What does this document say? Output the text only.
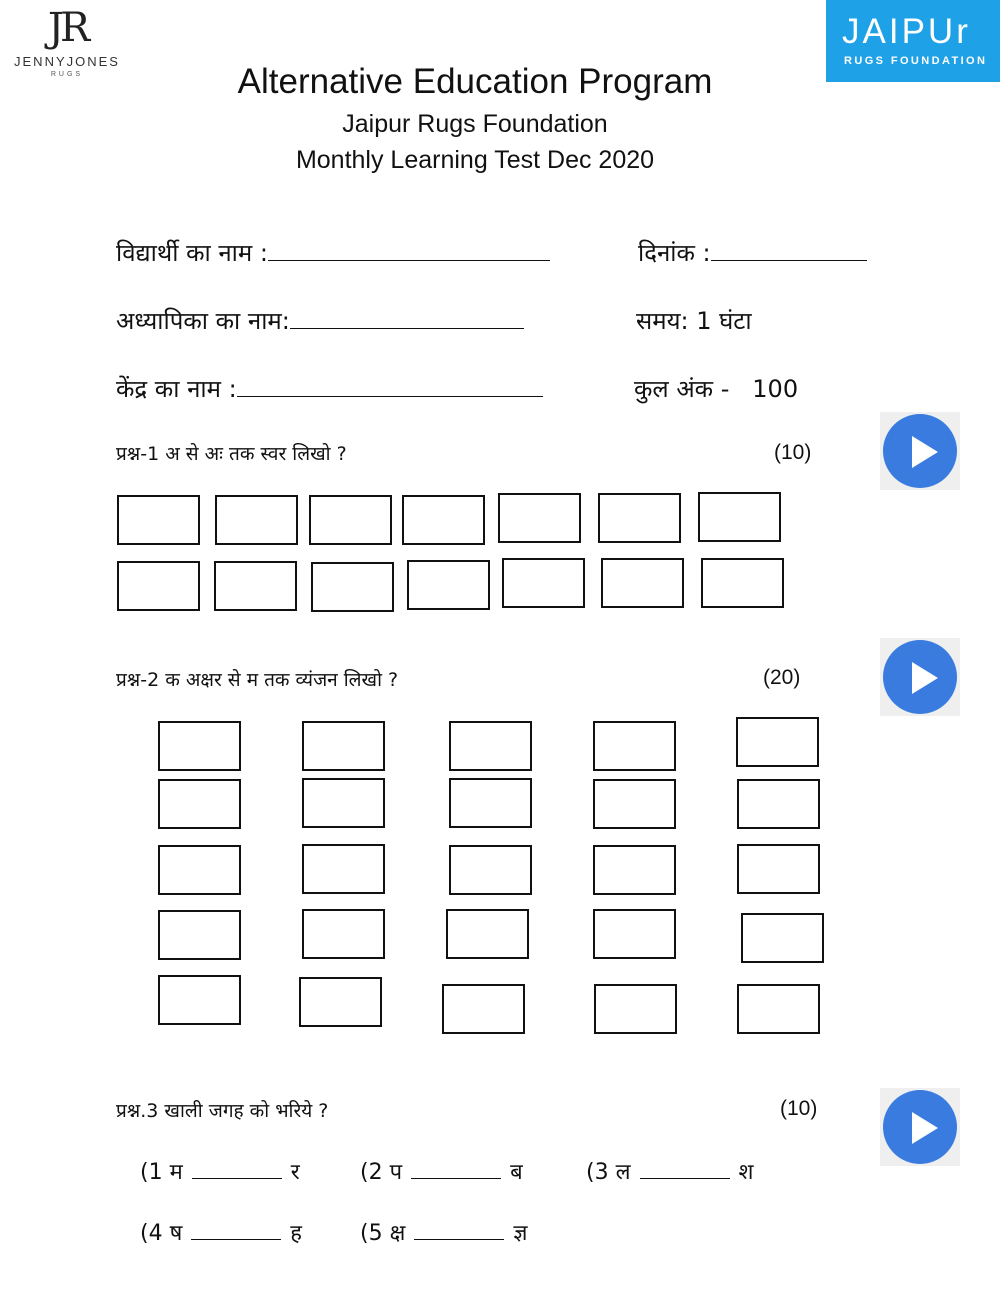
JR
JENNYJONES
RUGS
JAIPUr
RUGS FOUNDATION
Alternative Education Program
Jaipur Rugs Foundation
Monthly Learning Test Dec 2020
विद्यार्थी का नाम :	दिनांक :
अध्यापिका का नाम:	समय: 1 घंटा
केंद्र का नाम :	कुल अंक -   100
प्रश्न-1 अ से अः तक स्वर लिखो ?	(10)
प्रश्न-2 क अक्षर से म तक व्यंजन लिखो ?	(20)
प्रश्न.3 खाली जगह को भरिये ?	(10)
(1 म	र	(2 प	ब	(3 ल	श
(4 ष	ह	(5 क्ष	ज्ञ
